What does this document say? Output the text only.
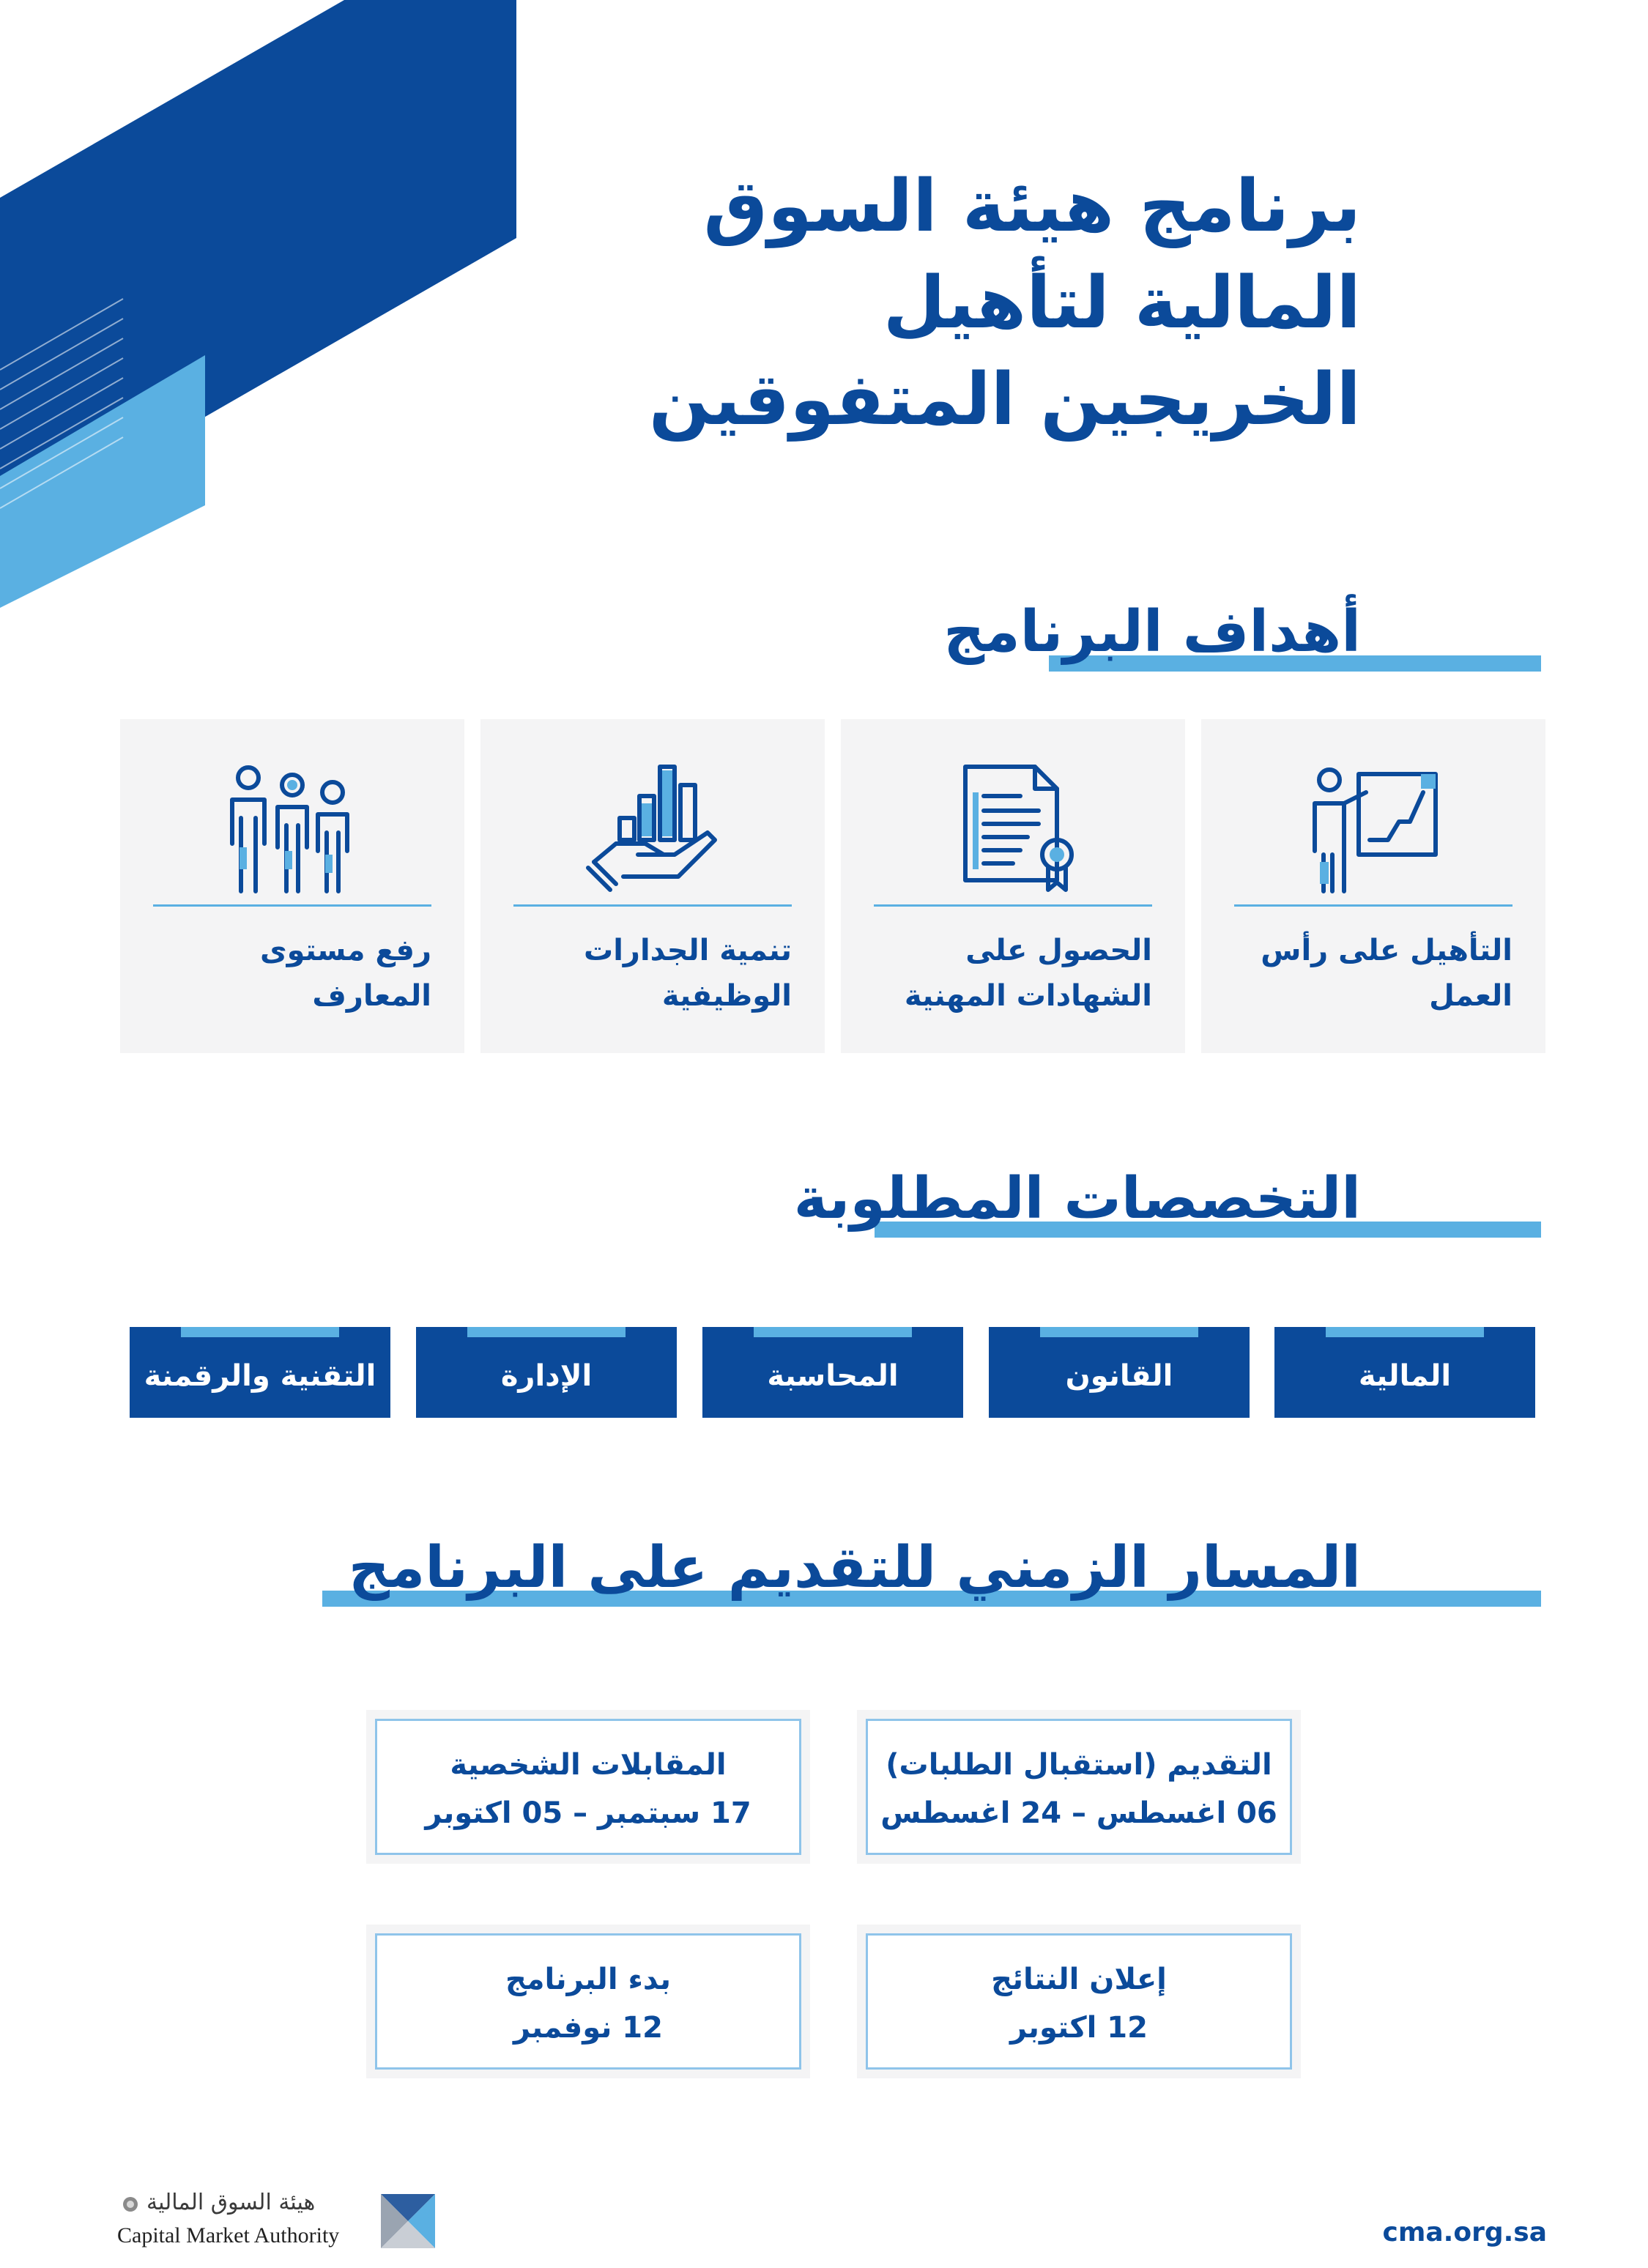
برنامج هيئة السوق
المالية لتأهيل
الخريجين المتفوقين
أهداف البرنامج
التأهيل على رأس
العمل
الحصول على
الشهادات المهنية
تنمية الجدارات
الوظيفية
رفع مستوى
المعارف
التخصصات المطلوبة
المالية
القانون
المحاسبة
الإدارة
التقنية والرقمنة
المسار الزمني للتقديم على البرنامج
التقديم (استقبال الطلبات)
06 اغسطس – 24 اغسطس
المقابلات الشخصية
17 سبتمبر – 05 اكتوبر
إعلان النتائج
12 اكتوبر
بدء البرنامج
12 نوفمبر
هيئة السوق المالية
Capital Market Authority	cma.org.sa
